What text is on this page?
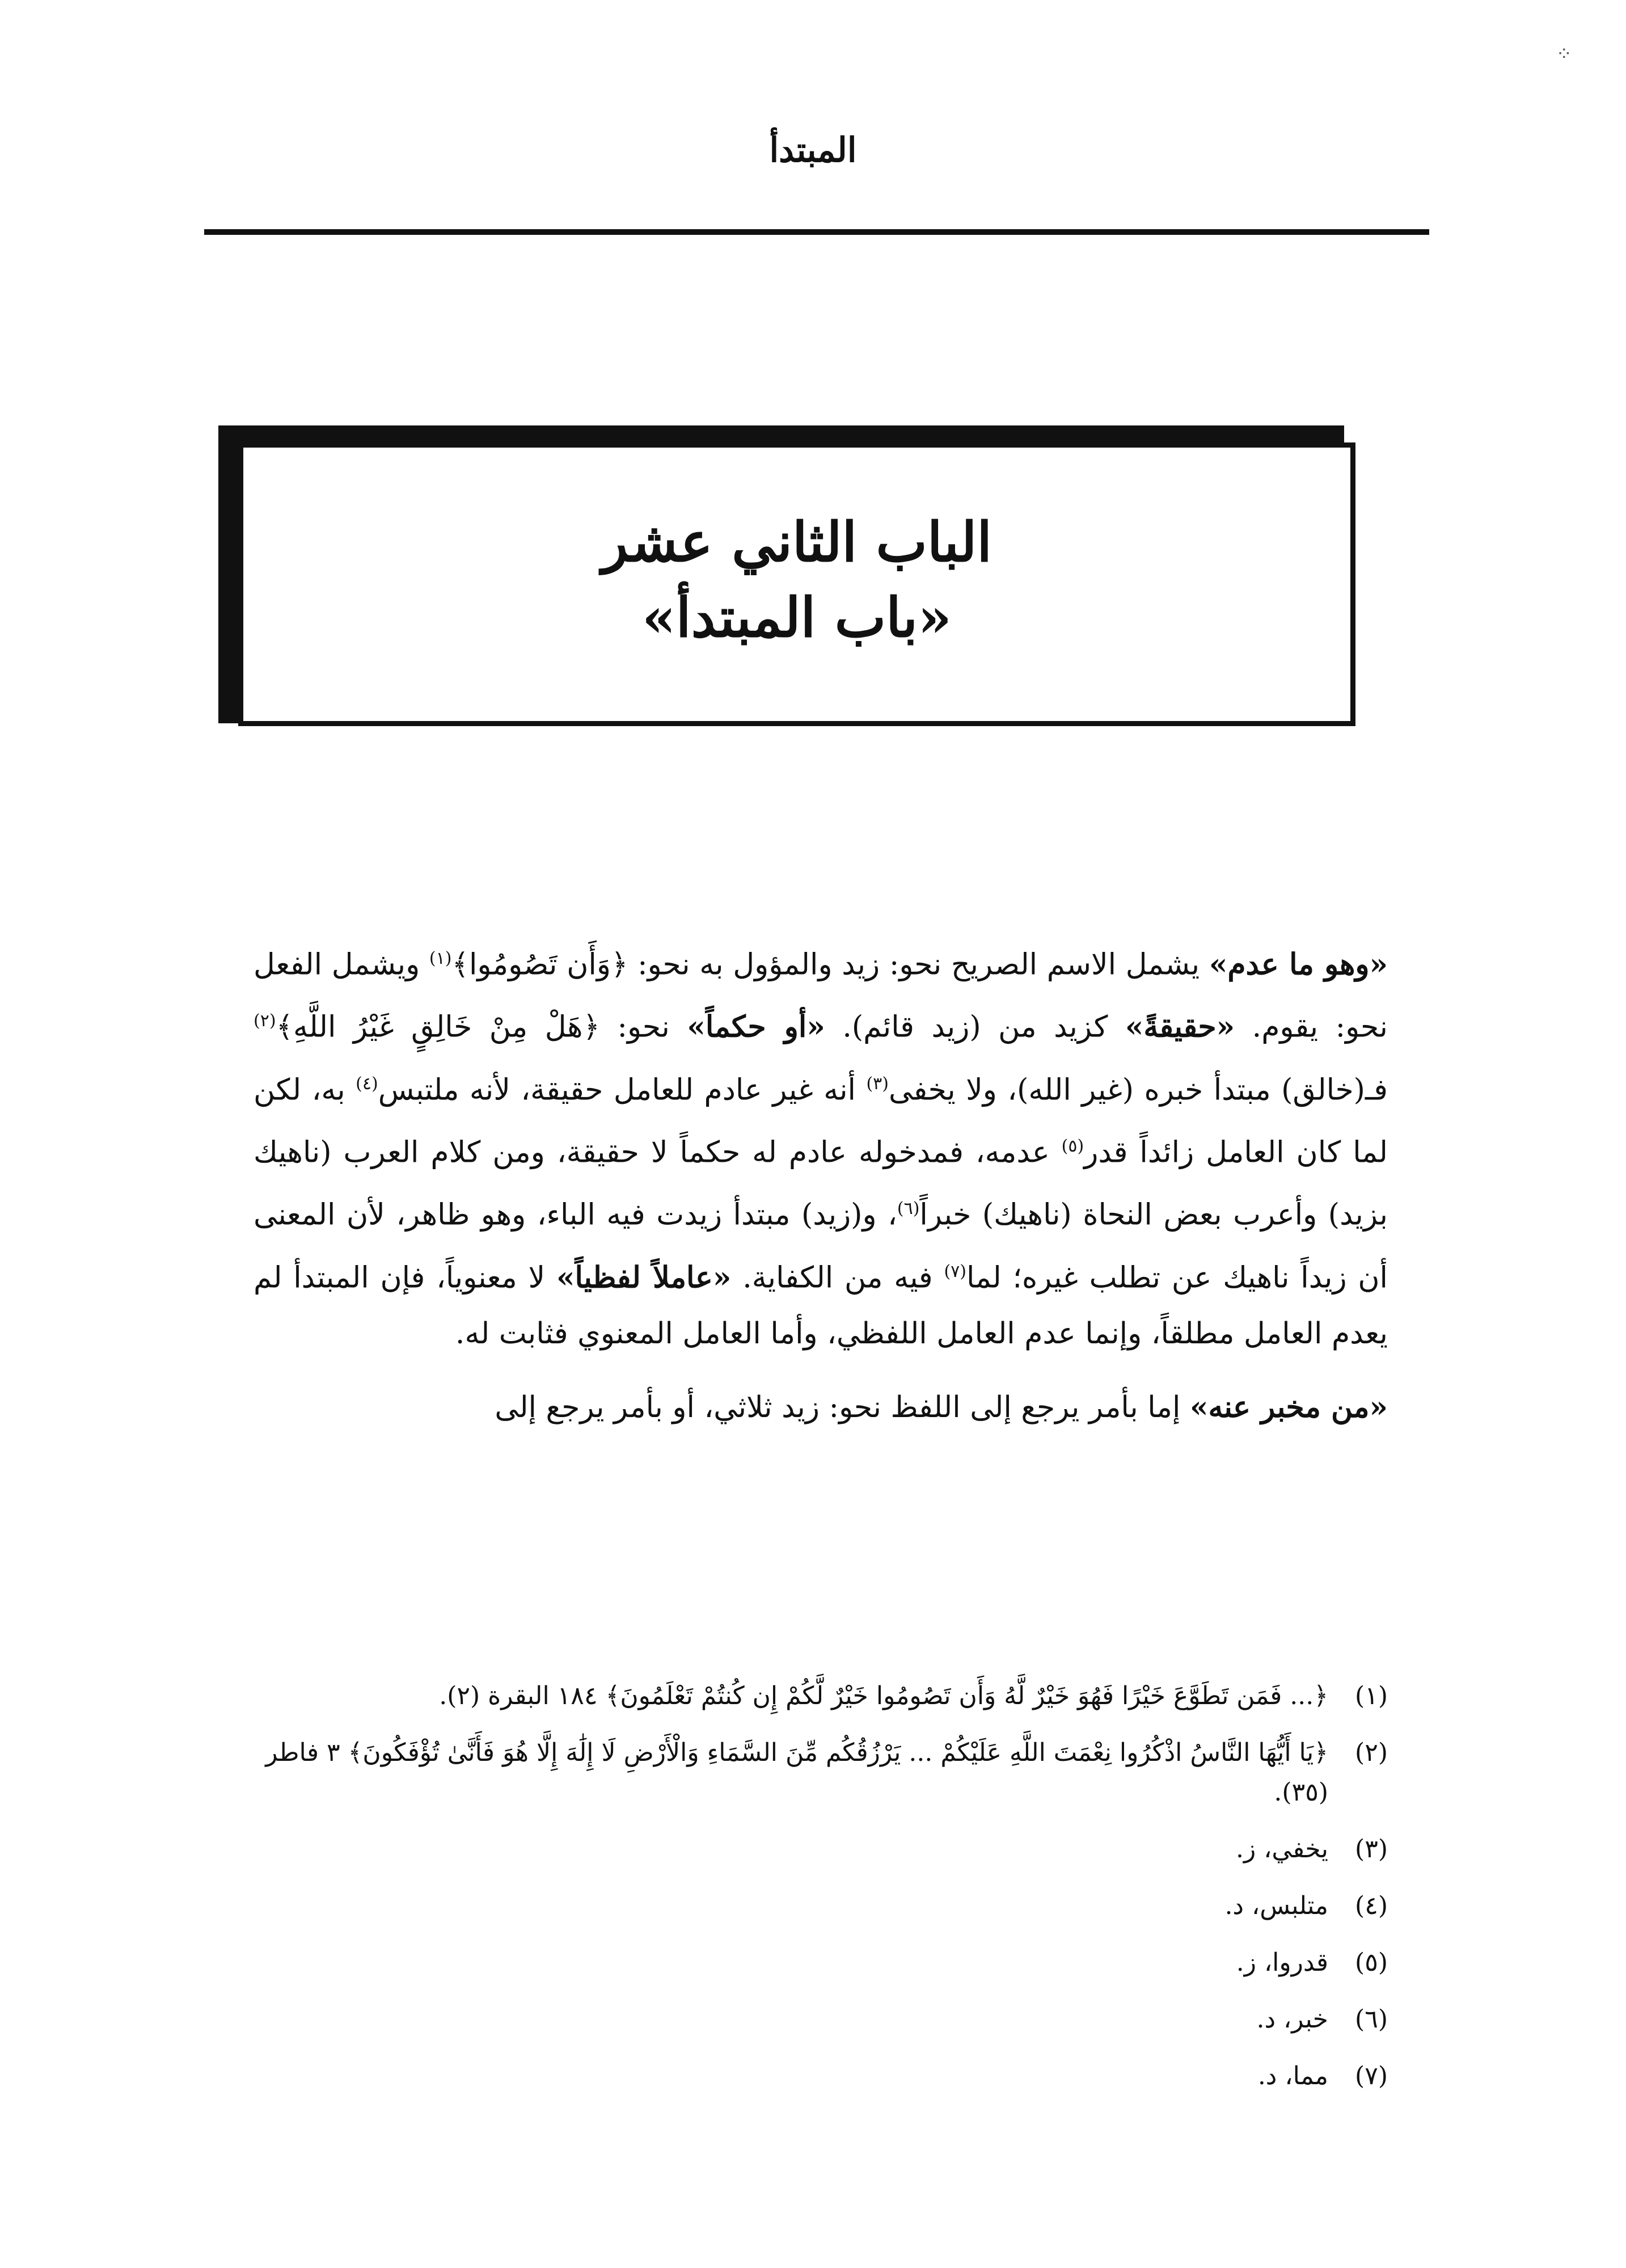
⁘
المبتدأ
الباب الثاني عشر
«باب المبتدأ»

«وهو ما عدم» يشمل الاسم الصريح نحو: زيد والمؤول به نحو: ﴿وَأَن تَصُومُوا﴾$^{(١)}$ ويشمل الفعل نحو: يقوم. «حقيقةً» كزيد من (زيد قائم). «أو حكماً» نحو: ﴿هَلْ مِنْ خَالِقٍ غَيْرُ اللَّهِ﴾$^{(٢)}$ فـ(خالق) مبتدأ خبره (غير الله)، ولا يخفى$^{(٣)}$ أنه غير عادم للعامل حقيقة، لأنه ملتبس$^{(٤)}$ به، لكن لما كان العامل زائداً قدر$^{(٥)}$ عدمه، فمدخوله عادم له حكماً لا حقيقة، ومن كلام العرب (ناهيك بزيد) وأعرب بعض النحاة (ناهيك) خبراً$^{(٦)}$، و(زيد) مبتدأ زيدت فيه الباء، وهو ظاهر، لأن المعنى أن زيداً ناهيك عن تطلب غيره؛ لما$^{(٧)}$ فيه من الكفاية. «عاملاً لفظياً» لا معنوياً، فإن المبتدأ لم يعدم العامل مطلقاً، وإنما عدم العامل اللفظي، وأما العامل المعنوي فثابت له.

«من مخبر عنه» إما بأمر يرجع إلى اللفظ نحو: زيد ثلاثي، أو بأمر يرجع إلى

(١)
﴿... فَمَن تَطَوَّعَ خَيْرًا فَهُوَ خَيْرٌ لَّهُ وَأَن تَصُومُوا خَيْرٌ لَّكُمْ إِن كُنتُمْ تَعْلَمُونَ﴾ ١٨٤ البقرة (٢).
(٢)
﴿يَا أَيُّهَا النَّاسُ اذْكُرُوا نِعْمَتَ اللَّهِ عَلَيْكُمْ ... يَرْزُقُكُم مِّنَ السَّمَاءِ وَالْأَرْضِ لَا إِلَٰهَ إِلَّا هُوَ فَأَنَّىٰ تُؤْفَكُونَ﴾ ٣ فاطر (٣٥).
(٣)
يخفي، ز.
(٤)
متلبس، د.
(٥)
قدروا، ز.
(٦)
خبر، د.
(٧)
مما، د.
